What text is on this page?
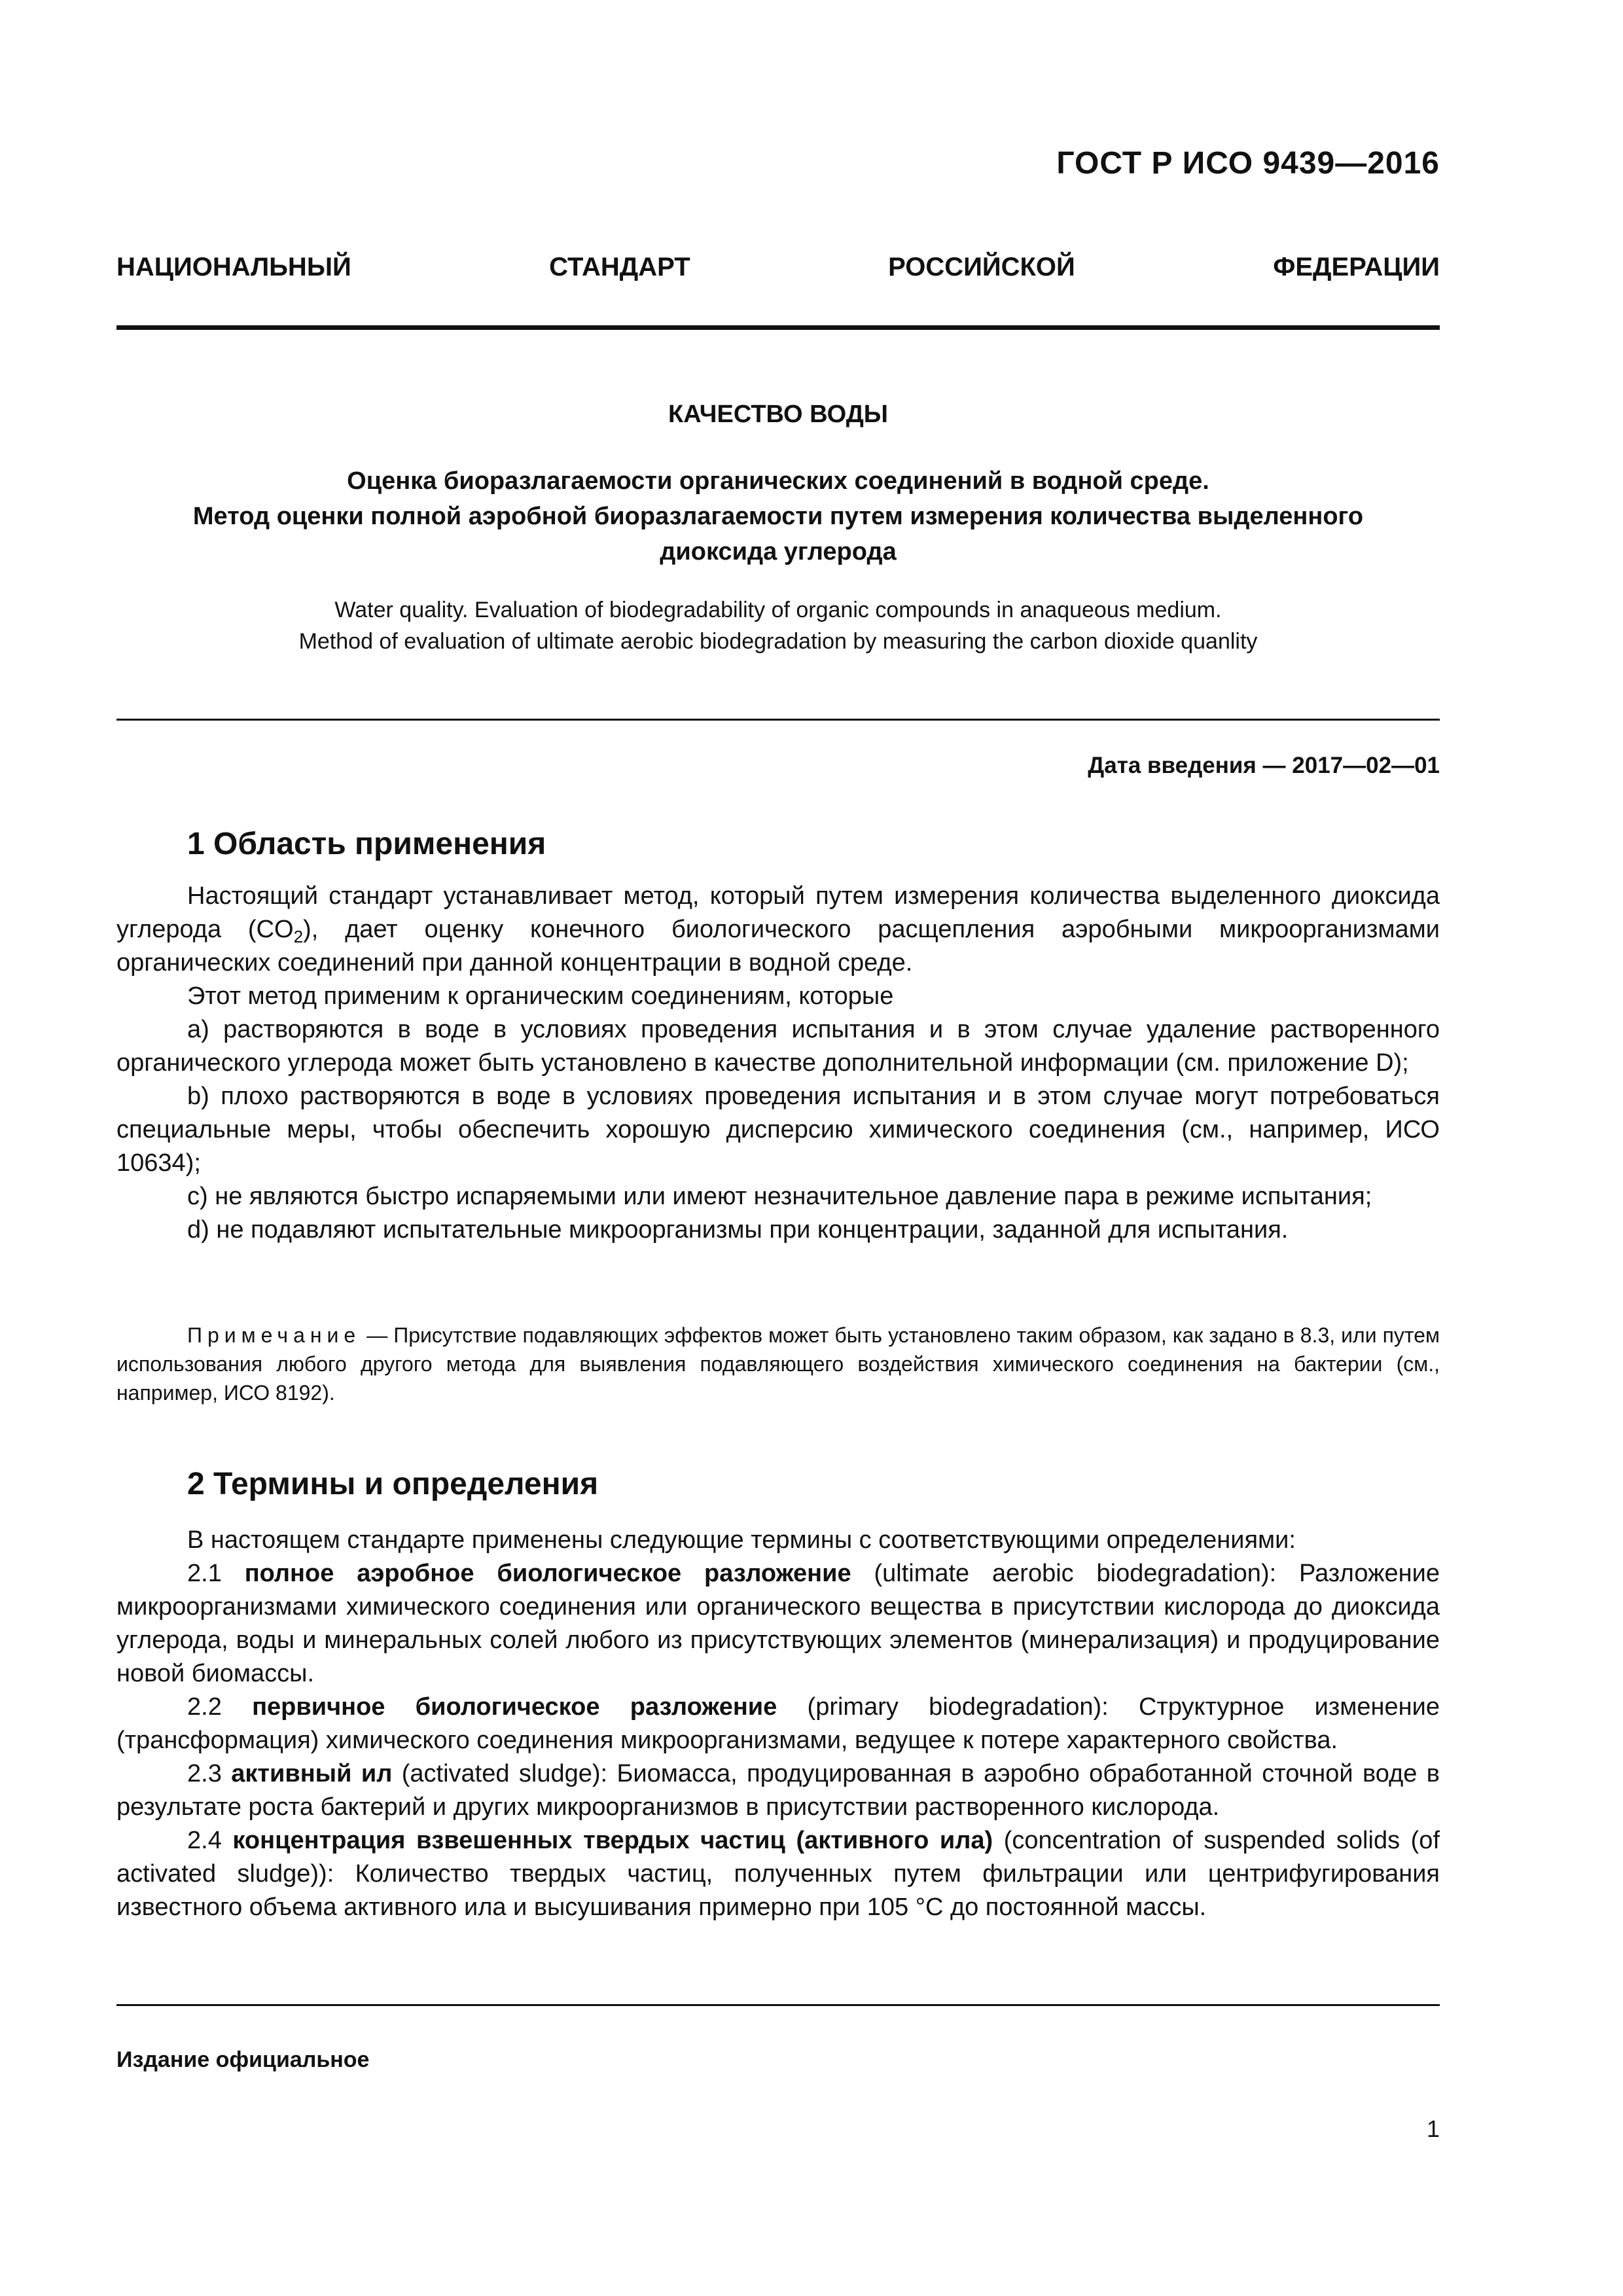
ГОСТ Р ИСО 9439—2016
НАЦИОНАЛЬНЫЙ	СТАНДАРТ	РОССИЙСКОЙ	ФЕДЕРАЦИИ
КАЧЕСТВО ВОДЫ
Оценка биоразлагаемости органических соединений в водной среде.
Метод оценки полной аэробной биоразлагаемости путем измерения количества выделенного
диоксида углерода
Water quality. Evaluation of biodegradability of organic compounds in anaqueous medium.
Method of evaluation of ultimate aerobic biodegradation by measuring the carbon dioxide quanlity
Дата введения — 2017—02—01
1 Область применения

Настоящий стандарт устанавливает метод, который путем измерения количества выделенного диоксида углерода $(CO_2)$, дает оценку конечного биологического расщепления аэробными микроорганизмами органических соединений при данной концентрации в водной среде.

Этот метод применим к органическим соединениям, которые

a) растворяются в воде в условиях проведения испытания и в этом случае удаление растворенного органического углерода может быть установлено в качестве дополнительной информации (см. приложение D);

b) плохо растворяются в воде в условиях проведения испытания и в этом случае могут потребоваться специальные меры, чтобы обеспечить хорошую дисперсию химического соединения (см., например, ИСО 10634);

c) не являются быстро испаряемыми или имеют незначительное давление пара в режиме испытания;

d) не подавляют испытательные микроорганизмы при концентрации, заданной для испытания.

Примечание — Присутствие подавляющих эффектов может быть установлено таким образом, как задано в 8.3, или путем использования любого другого метода для выявления подавляющего воздействия химического соединения на бактерии (см., например, ИСО 8192).
2 Термины и определения

В настоящем стандарте применены следующие термины с соответствующими определениями:

2.1 полное аэробное биологическое разложение (ultimate aerobic biodegradation): Разложение микроорганизмами химического соединения или органического вещества в присутствии кислорода до диоксида углерода, воды и минеральных солей любого из присутствующих элементов (минерализация) и продуцирование новой биомассы.

2.2 первичное биологическое разложение (primary biodegradation): Структурное изменение (трансформация) химического соединения микроорганизмами, ведущее к потере характерного свойства.

2.3 активный ил (activated sludge): Биомасса, продуцированная в аэробно обработанной сточной воде в результате роста бактерий и других микроорганизмов в присутствии растворенного кислорода.

2.4 концентрация взвешенных твердых частиц (активного ила) (concentration of suspended solids (of activated sludge)): Количество твердых частиц, полученных путем фильтрации или центрифугирования известного объема активного ила и высушивания примерно при 105 °С до постоянной массы.

Издание официальное
1
